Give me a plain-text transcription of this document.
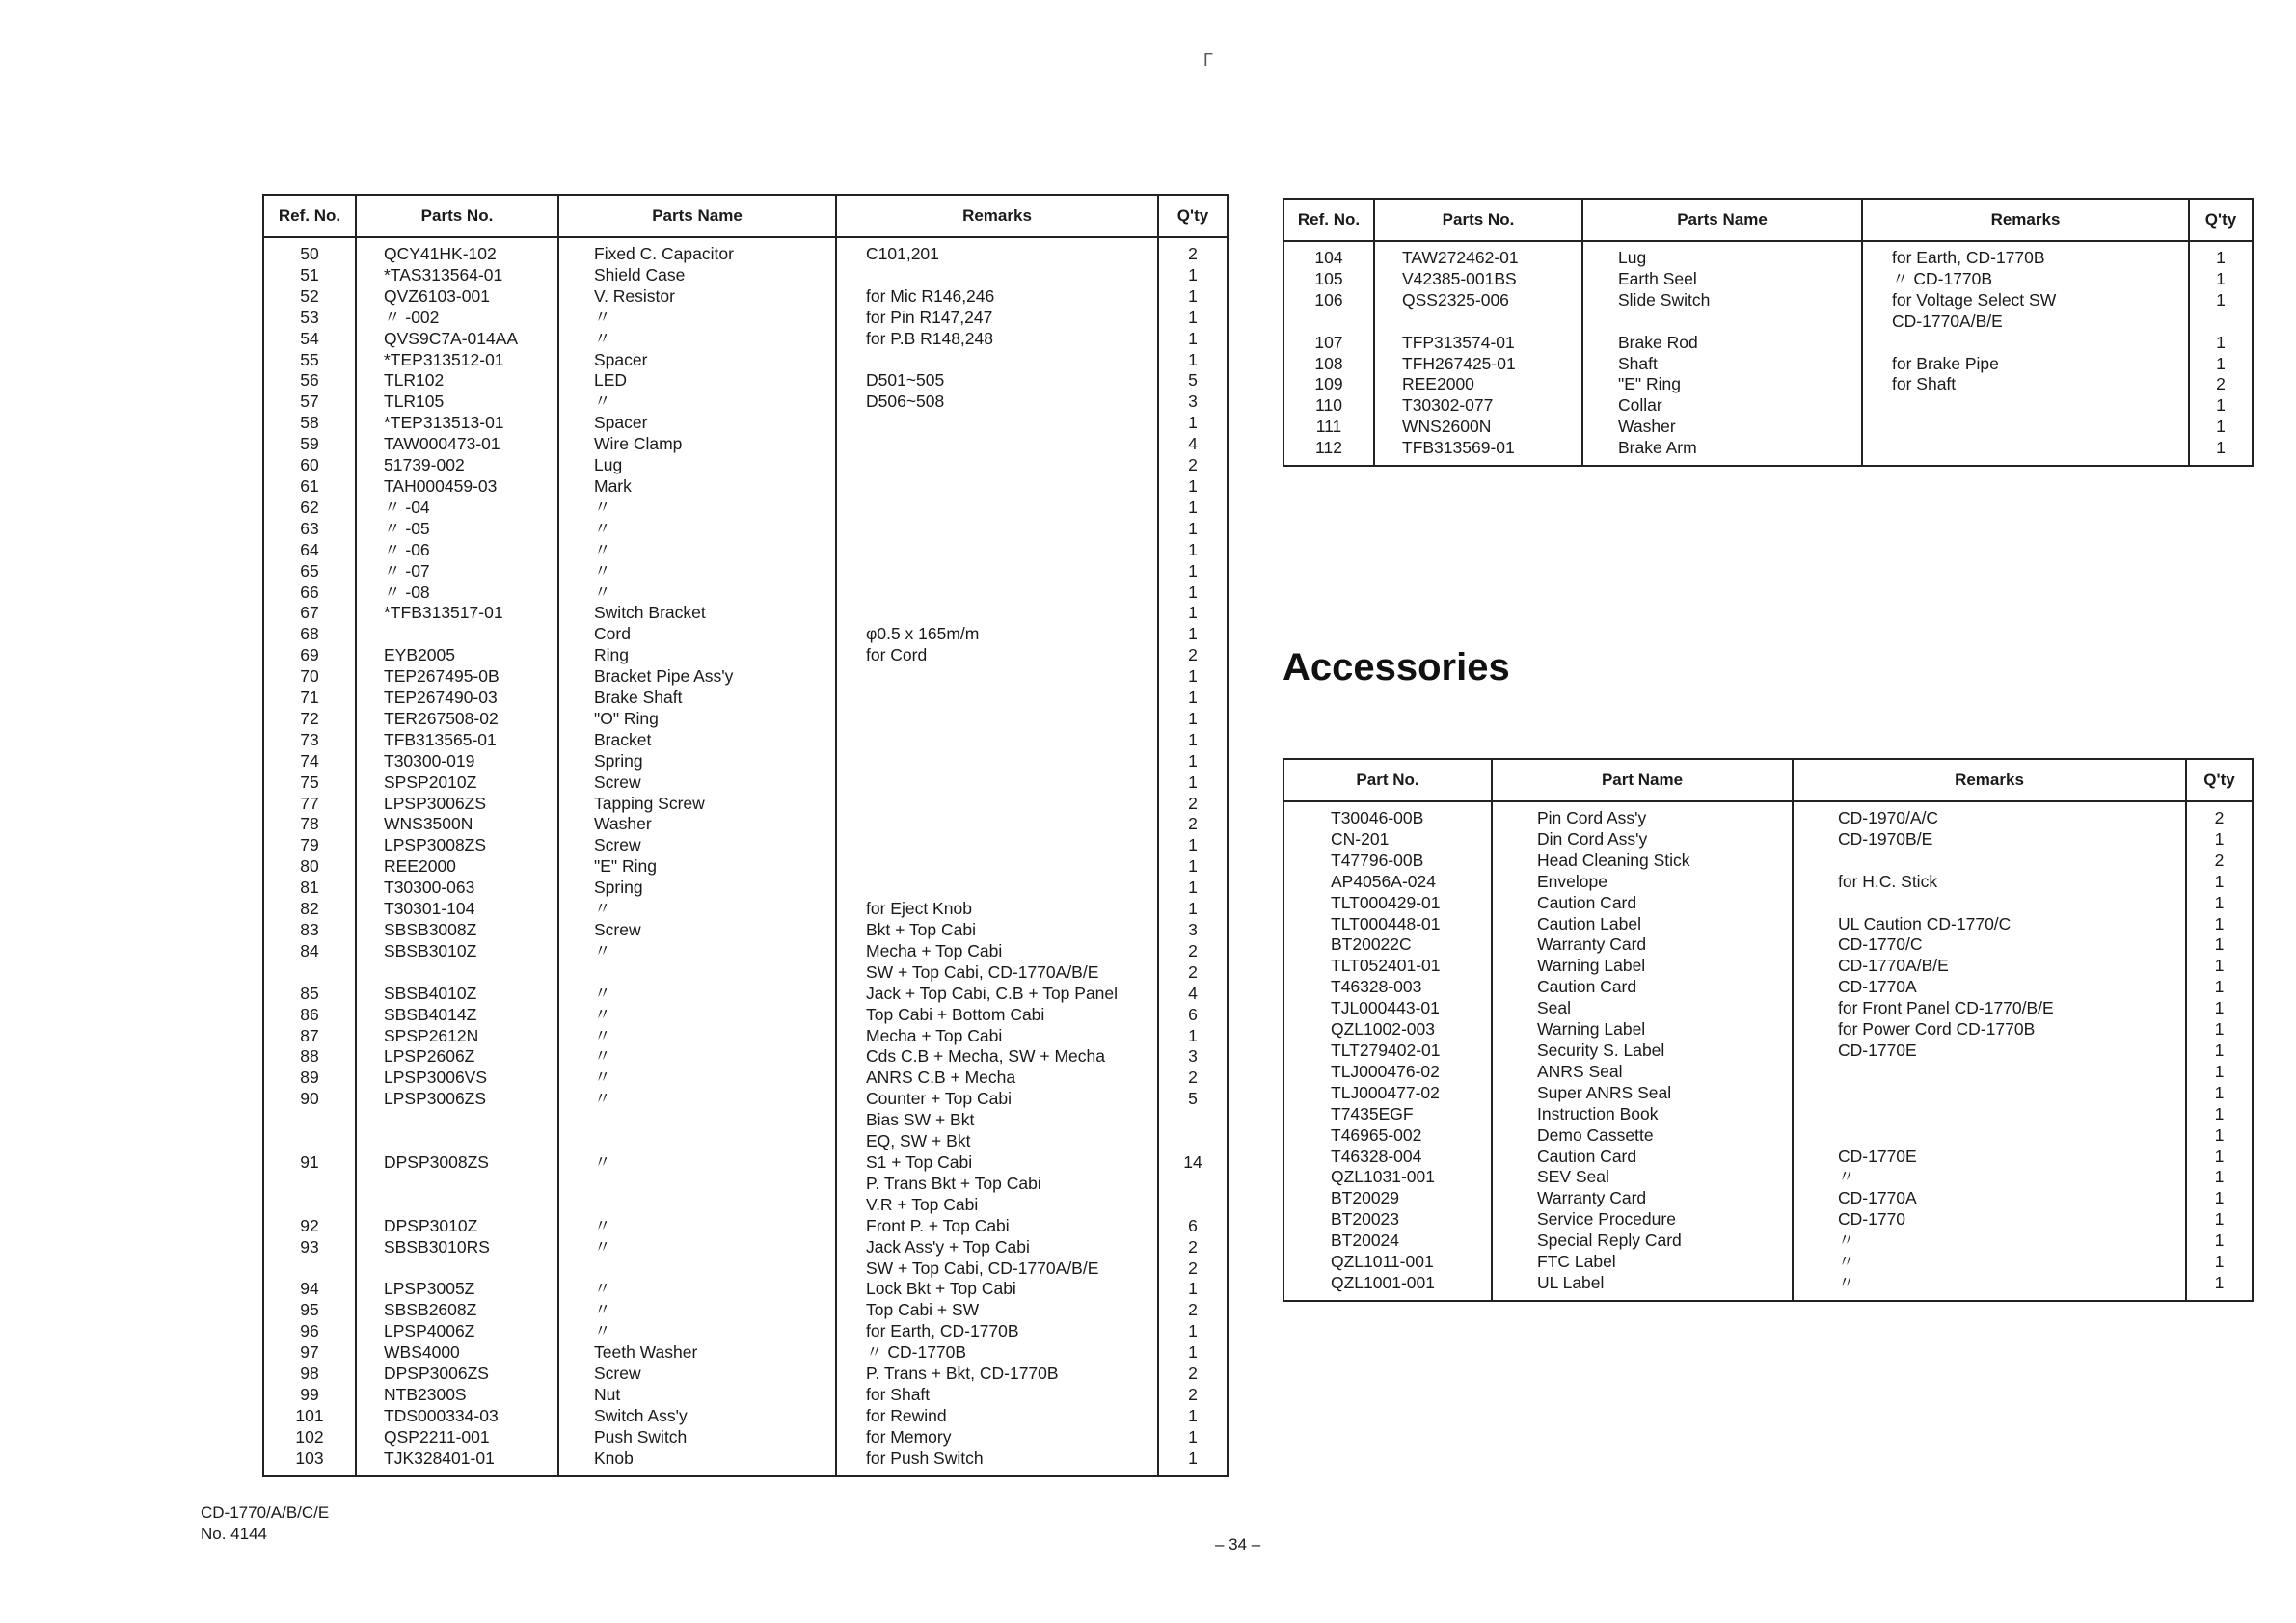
Г
Ref. No.	Parts No.	Parts Name	Remarks	Q'ty
50	QCY41HK-102	Fixed C. Capacitor	C101,201	2
51	*TAS313564-01	Shield Case		1
52	QVZ6103-001	V. Resistor	for Mic R146,246	1
53	〃 -002	〃	for Pin R147,247	1
54	QVS9C7A-014AA	〃	for P.B R148,248	1
55	*TEP313512-01	Spacer		1
56	TLR102	LED	D501~505	5
57	TLR105	〃	D506~508	3
58	*TEP313513-01	Spacer		1
59	TAW000473-01	Wire Clamp		4
60	51739-002	Lug		2
61	TAH000459-03	Mark		1
62	〃 -04	〃		1
63	〃 -05	〃		1
64	〃 -06	〃		1
65	〃 -07	〃		1
66	〃 -08	〃		1
67	*TFB313517-01	Switch Bracket		1
68		Cord	φ0.5 x 165m/m	1
69	EYB2005	Ring	for Cord	2
70	TEP267495-0B	Bracket Pipe Ass'y		1
71	TEP267490-03	Brake Shaft		1
72	TER267508-02	"O" Ring		1
73	TFB313565-01	Bracket		1
74	T30300-019	Spring		1
75	SPSP2010Z	Screw		1
77	LPSP3006ZS	Tapping Screw		2
78	WNS3500N	Washer		2
79	LPSP3008ZS	Screw		1
80	REE2000	"E" Ring		1
81	T30300-063	Spring		1
82	T30301-104	〃	for Eject Knob	1
83	SBSB3008Z	Screw	Bkt + Top Cabi	3
84	SBSB3010Z	〃	Mecha + Top Cabi	2
			SW + Top Cabi, CD-1770A/B/E	2
85	SBSB4010Z	〃	Jack + Top Cabi, C.B + Top Panel	4
86	SBSB4014Z	〃	Top Cabi + Bottom Cabi	6
87	SPSP2612N	〃	Mecha + Top Cabi	1
88	LPSP2606Z	〃	Cds C.B + Mecha, SW + Mecha	3
89	LPSP3006VS	〃	ANRS C.B + Mecha	2
90	LPSP3006ZS	〃	Counter + Top Cabi	5
			Bias SW + Bkt	
			EQ, SW + Bkt	
91	DPSP3008ZS	〃	S1 + Top Cabi	14
			P. Trans Bkt + Top Cabi	
			V.R + Top Cabi	
92	DPSP3010Z	〃	Front P. + Top Cabi	6
93	SBSB3010RS	〃	Jack Ass'y + Top Cabi	2
			SW + Top Cabi, CD-1770A/B/E	2
94	LPSP3005Z	〃	Lock Bkt + Top Cabi	1
95	SBSB2608Z	〃	Top Cabi + SW	2
96	LPSP4006Z	〃	for Earth, CD-1770B	1
97	WBS4000	Teeth Washer	〃 CD-1770B	1
98	DPSP3006ZS	Screw	P. Trans + Bkt, CD-1770B	2
99	NTB2300S	Nut	for Shaft	2
101	TDS000334-03	Switch Ass'y	for Rewind	1
102	QSP2211-001	Push Switch	for Memory	1
103	TJK328401-01	Knob	for Push Switch	1
Ref. No.	Parts No.	Parts Name	Remarks	Q'ty
104	TAW272462-01	Lug	for Earth, CD-1770B	1
105	V42385-001BS	Earth Seel	〃 CD-1770B	1
106	QSS2325-006	Slide Switch	for Voltage Select SW	1
			CD-1770A/B/E	
107	TFP313574-01	Brake Rod		1
108	TFH267425-01	Shaft	for Brake Pipe	1
109	REE2000	"E" Ring	for Shaft	2
110	T30302-077	Collar		1
111	WNS2600N	Washer		1
112	TFB313569-01	Brake Arm		1
Accessories
Part No.	Part Name	Remarks	Q'ty
T30046-00B	Pin Cord Ass'y	CD-1970/A/C	2
CN-201	Din Cord Ass'y	CD-1970B/E	1
T47796-00B	Head Cleaning Stick		2
AP4056A-024	Envelope	for H.C. Stick	1
TLT000429-01	Caution Card		1
TLT000448-01	Caution Label	UL Caution CD-1770/C	1
BT20022C	Warranty Card	CD-1770/C	1
TLT052401-01	Warning Label	CD-1770A/B/E	1
T46328-003	Caution Card	CD-1770A	1
TJL000443-01	Seal	for Front Panel CD-1770/B/E	1
QZL1002-003	Warning Label	for Power Cord CD-1770B	1
TLT279402-01	Security S. Label	CD-1770E	1
TLJ000476-02	ANRS Seal		1
TLJ000477-02	Super ANRS Seal		1
T7435EGF	Instruction Book		1
T46965-002	Demo Cassette		1
T46328-004	Caution Card	CD-1770E	1
QZL1031-001	SEV Seal	〃	1
BT20029	Warranty Card	CD-1770A	1
BT20023	Service Procedure	CD-1770	1
BT20024	Special Reply Card	〃	1
QZL1011-001	FTC Label	〃	1
QZL1001-001	UL Label	〃	1
CD-1770/A/B/C/E
No. 4144
– 34 –
